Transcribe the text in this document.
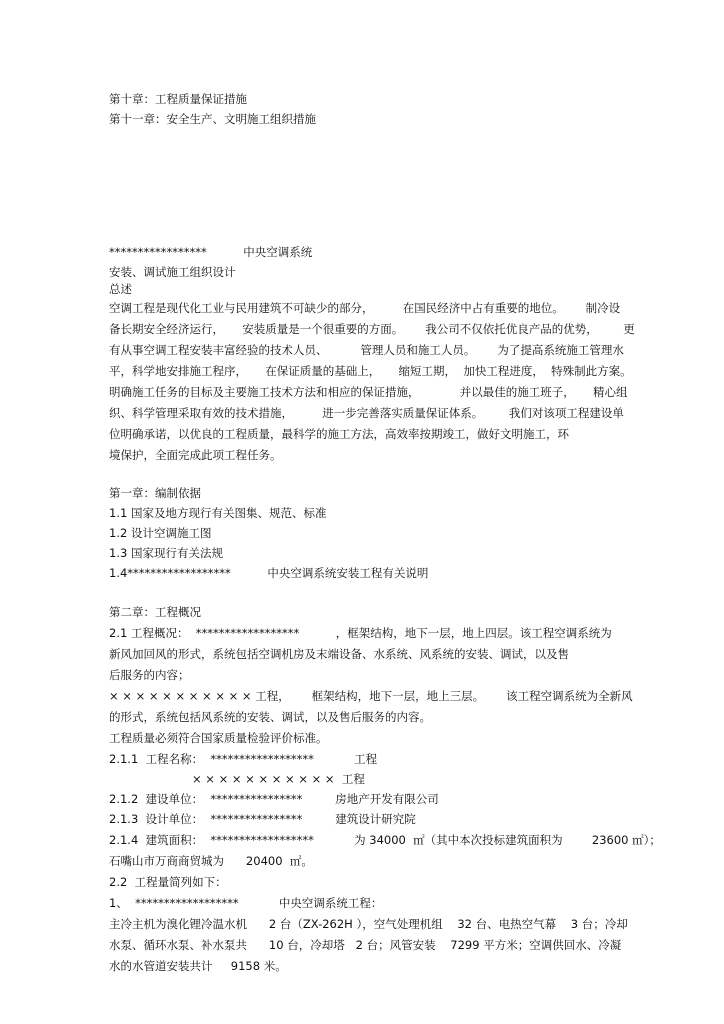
第十章：工程质量保证措施
第十一章：安全生产、文明施工组织措施
*****************          中央空调系统
安装、调试施工组织设计
总述
空调工程是现代化工业与民用建筑不可缺少的部分，        在国民经济中占有重要的地位。      制冷设
备长期安全经济运行，     安装质量是一个很重要的方面。      我公司不仅依托优良产品的优势，       更
有从事空调工程安装丰富经验的技术人员、         管理人员和施工人员。      为了提高系统施工管理水
平，科学地安排施工程序，     在保证质量的基础上，     缩短工期，  加快工程进度，  特殊制此方案。
明确施工任务的目标及主要施工技术方法和相应的保证措施，           并以最佳的施工班子，     精心组
织、科学管理采取有效的技术措施，        进一步完善落实质量保证体系。       我们对该项工程建设单
位明确承诺，以优良的工程质量，最科学的施工方法，高效率按期竣工，做好文明施工，环
境保护，全面完成此项工程任务。
第一章：编制依据
1.1 国家及地方现行有关图集、规范、标准
1.2 设计空调施工图
1.3 国家现行有关法规
1.4******************          中央空调系统安装工程有关说明
第二章：工程概况
2.1 工程概况：  ******************          ，框架结构，地下一层，地上四层。该工程空调系统为
新风加回风的形式，系统包括空调机房及末端设备、水系统、风系统的安装、调试，以及售
后服务的内容；
× × × × × × × × × × × 工程，      框架结构，地下一层，地上三层。      该工程空调系统为全新风
的形式，系统包括风系统的安装、调试，以及售后服务的内容。
工程质量必须符合国家质量检验评价标准。
2.1.1  工程名称：  ******************           工程
× × × × × × × × × × ×  工程
2.1.2  建设单位：  ****************         房地产开发有限公司
2.1.3  设计单位：  ****************         建筑设计研究院
2.1.4  建筑面积：  ******************           为 34000  ㎡（其中本次投标建筑面积为        23600 ㎡）；
石嘴山市万商商贸城为      20400  ㎡。
2.2  工程量简列如下：
1、  ******************           中央空调系统工程：
主冷主机为溴化锂冷温水机      2 台（ZX-262H ），空气处理机组    32 台、电热空气幕    3 台；冷却
水泵、循环水泵、补水泵共      10 台，冷却塔   2 台；风管安装    7299 平方米；空调供回水、冷凝
水的水管道安装共计     9158 米。
